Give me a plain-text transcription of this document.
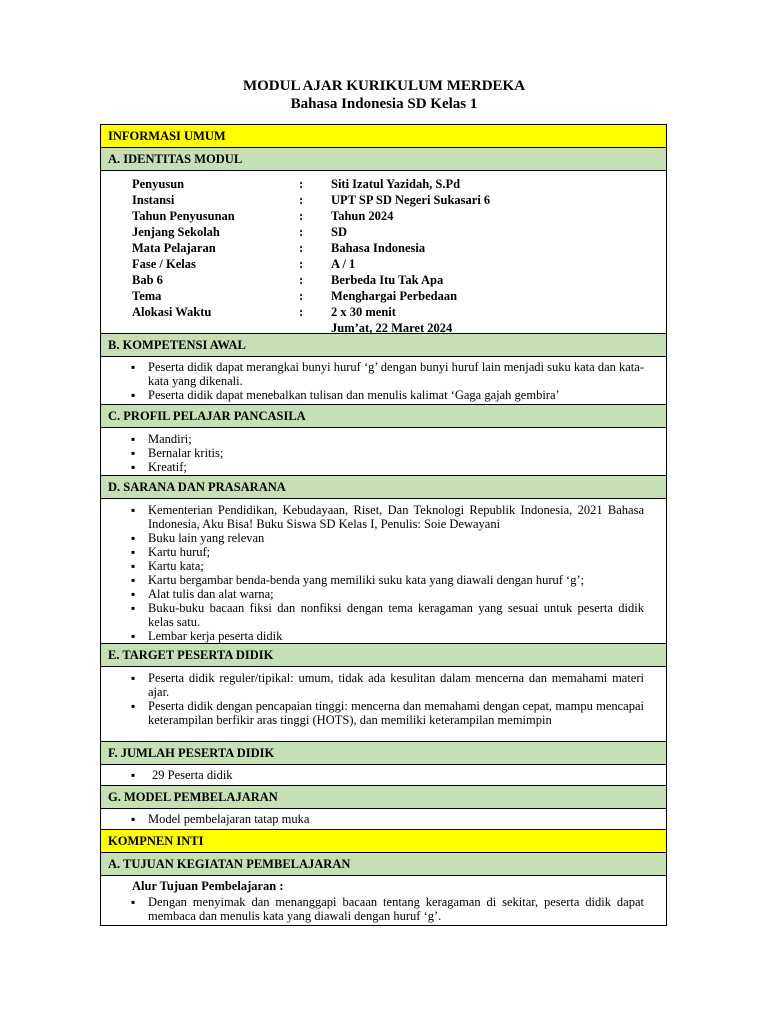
MODUL AJAR KURIKULUM MERDEKA
Bahasa Indonesia SD Kelas 1
INFORMASI UMUM
A. IDENTITAS MODUL
Penyusun	: Siti Izatul Yazidah, S.Pd
Instansi	: UPT SP SD Negeri Sukasari 6
Tahun Penyusunan	: Tahun 2024
Jenjang Sekolah	: SD
Mata Pelajaran	: Bahasa Indonesia
Fase / Kelas	: A / 1
Bab 6	: Berbeda Itu Tak Apa
Tema	: Menghargai Perbedaan
Alokasi Waktu	: 2 x 30 menit
Jum’at, 22 Maret 2024
B. KOMPETENSI AWAL
▪ Peserta didik dapat merangkai bunyi huruf ‘g’ dengan bunyi huruf lain menjadi suku kata dan kata-kata yang dikenali.
▪ Peserta didik dapat menebalkan tulisan dan menulis kalimat ‘Gaga gajah gembira’
C. PROFIL PELAJAR PANCASILA
▪ Mandiri;
▪ Bernalar kritis;
▪ Kreatif;
D. SARANA DAN PRASARANA
▪ Kementerian Pendidikan, Kebudayaan, Riset, Dan Teknologi Republik Indonesia, 2021 Bahasa Indonesia, Aku Bisa! Buku Siswa SD Kelas I, Penulis: Soie Dewayani
▪ Buku lain yang relevan
▪ Kartu huruf;
▪ Kartu kata;
▪ Kartu bergambar benda-benda yang memiliki suku kata yang diawali dengan huruf ‘g’;
▪ Alat tulis dan alat warna;
▪ Buku-buku bacaan fiksi dan nonfiksi dengan tema keragaman yang sesuai untuk peserta didik kelas satu.
▪ Lembar kerja peserta didik
E. TARGET PESERTA DIDIK
▪ Peserta didik reguler/tipikal: umum, tidak ada kesulitan dalam mencerna dan memahami materi ajar.
▪ Peserta didik dengan pencapaian tinggi: mencerna dan memahami dengan cepat, mampu mencapai keterampilan berfikir aras tinggi (HOTS), dan memiliki keterampilan memimpin
F. JUMLAH PESERTA DIDIK
▪ 29 Peserta didik
G. MODEL PEMBELAJARAN
▪ Model pembelajaran tatap muka
KOMPNEN INTI
A. TUJUAN KEGIATAN PEMBELAJARAN
Alur Tujuan Pembelajaran :
▪ Dengan menyimak dan menanggapi bacaan tentang keragaman di sekitar, peserta didik dapat membaca dan menulis kata yang diawali dengan huruf ‘g’.
